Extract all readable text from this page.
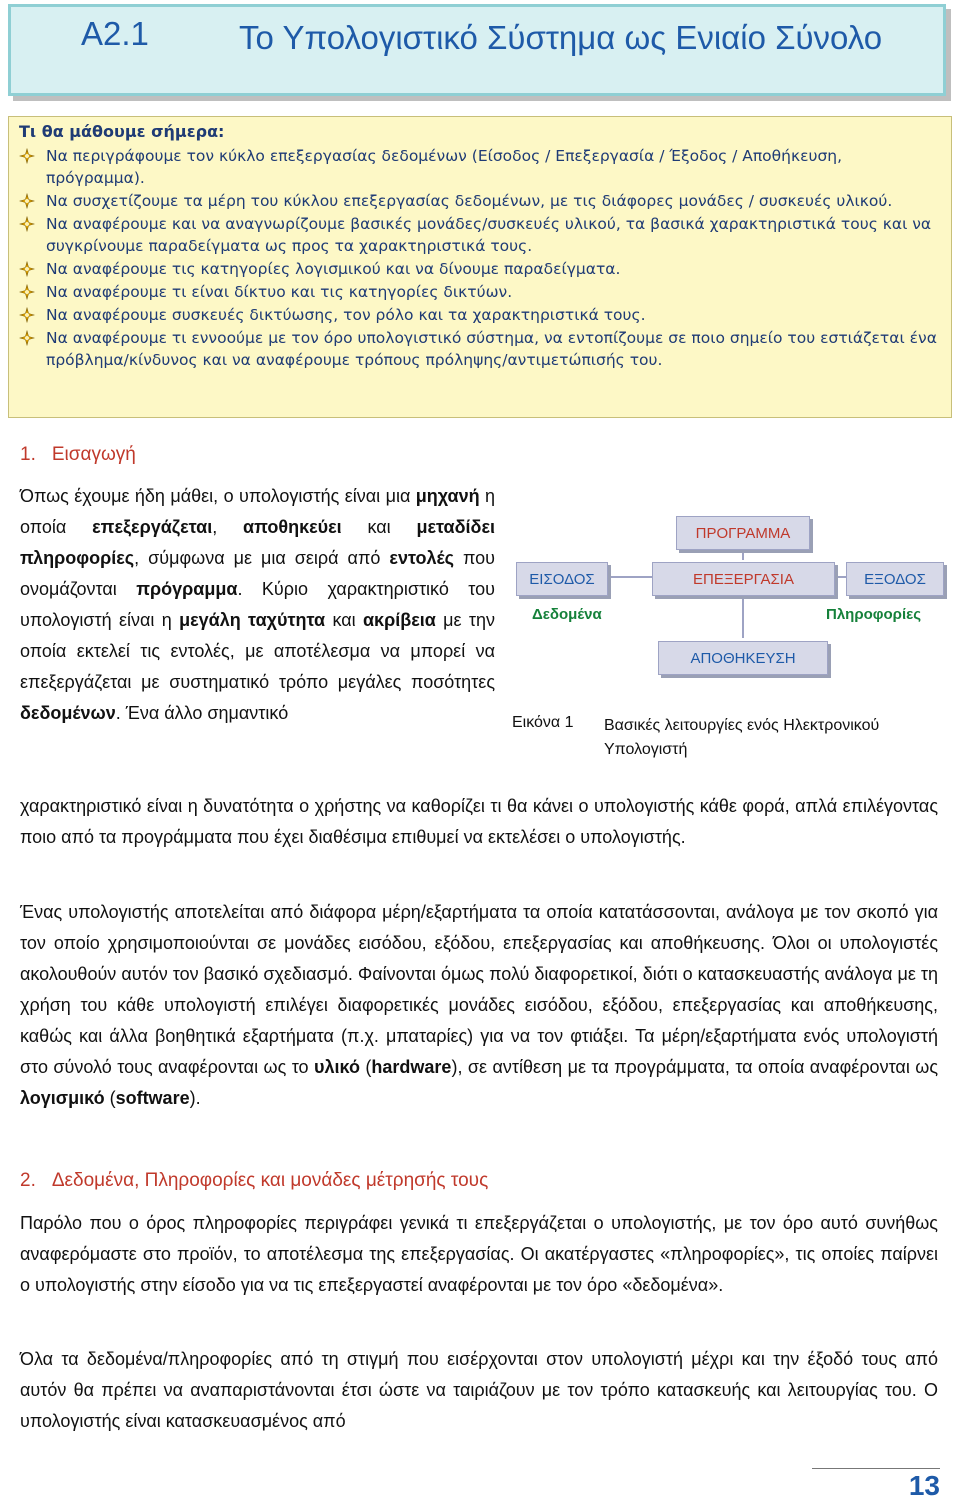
A2.1	Το Υπολογιστικό Σύστημα ως Ενιαίο Σύνολο
Τι θα μάθουμε σήμερα:
Να περιγράφουμε τον κύκλο επεξεργασίας δεδομένων (Είσοδος / Επεξεργασία / Έξοδος / Αποθήκευση, πρόγραμμα).
Να συσχετίζουμε τα μέρη του κύκλου επεξεργασίας δεδομένων, με τις διάφορες μονάδες / συσκευές υλικού.
Να αναφέρουμε και να αναγνωρίζουμε βασικές μονάδες/συσκευές υλικού, τα βασικά χαρακτηριστικά τους και να συγκρίνουμε παραδείγματα ως προς τα χαρακτηριστικά τους.
Να αναφέρουμε τις κατηγορίες λογισμικού και να δίνουμε παραδείγματα.
Να αναφέρουμε τι είναι δίκτυο και τις κατηγορίες δικτύων.
Να αναφέρουμε συσκευές δικτύωσης, τον ρόλο και τα χαρακτηριστικά τους.
Να αναφέρουμε τι εννοούμε με τον όρο υπολογιστικό σύστημα, να εντοπίζουμε σε ποιο σημείο του εστιάζεται ένα πρόβλημα/κίνδυνος και να αναφέρουμε τρόπους πρόληψης/αντιμετώπισής του.
1. Εισαγωγή
Όπως έχουμε ήδη μάθει, ο υπολογιστής είναι μια μηχανή η οποία επεξεργάζεται, αποθηκεύει και μεταδίδει πληροφορίες, σύμφωνα με μια σειρά από εντολές που ονομάζονται πρόγραμμα. Κύριο χαρακτηριστικό του υπολογιστή είναι η μεγάλη ταχύτητα και ακρίβεια με την οποία εκτελεί τις εντολές, με αποτέλεσμα να μπορεί να επεξεργάζεται με συστηματικό τρόπο μεγάλες ποσότητες δεδομένων. Ένα άλλο σημαντικό
χαρακτηριστικό είναι η δυνατότητα ο χρήστης να καθορίζει τι θα κάνει ο υπολογιστής κάθε φορά, απλά επιλέγοντας ποιο από τα προγράμματα που έχει διαθέσιμα επιθυμεί να εκτελέσει ο υπολογιστής.
ΠΡΟΓΡΑΜΜΑ
ΕΙΣΟΔΟΣ	ΕΠΕΞΕΡΓΑΣΙΑ	ΕΞΟΔΟΣ
ΑΠΟΘΗΚΕΥΣΗ
Δεδομένα	Πληροφορίες
Εικόνα 1 Βασικές λειτουργίες ενός Ηλεκτρονικού Υπολογιστή
Ένας υπολογιστής αποτελείται από διάφορα μέρη/εξαρτήματα τα οποία κατατάσσονται, ανάλογα με τον σκοπό για τον οποίο χρησιμοποιούνται σε μονάδες εισόδου, εξόδου, επεξεργασίας και αποθήκευσης. Όλοι οι υπολογιστές ακολουθούν αυτόν τον βασικό σχεδιασμό. Φαίνονται όμως πολύ διαφορετικοί, διότι ο κατασκευαστής ανάλογα με τη χρήση του κάθε υπολογιστή επιλέγει διαφορετικές μονάδες εισόδου, εξόδου, επεξεργασίας και αποθήκευσης, καθώς και άλλα βοηθητικά εξαρτήματα (π.χ. μπαταρίες) για να τον φτιάξει. Τα μέρη/εξαρτήματα ενός υπολογιστή στο σύνολό τους αναφέρονται ως το υλικό (hardware), σε αντίθεση με τα προγράμματα, τα οποία αναφέρονται ως λογισμικό (software).
2. Δεδομένα, Πληροφορίες και μονάδες μέτρησής τους
Παρόλο που ο όρος πληροφορίες περιγράφει γενικά τι επεξεργάζεται ο υπολογιστής, με τον όρο αυτό συνήθως αναφερόμαστε στο προϊόν, το αποτέλεσμα της επεξεργασίας. Οι ακατέργαστες «πληροφορίες», τις οποίες παίρνει ο υπολογιστής στην είσοδο για να τις επεξεργαστεί αναφέρονται με τον όρο «δεδομένα».
Όλα τα δεδομένα/πληροφορίες από τη στιγμή που εισέρχονται στον υπολογιστή μέχρι και την έξοδό τους από αυτόν θα πρέπει να αναπαριστάνονται έτσι ώστε να ταιριάζουν με τον τρόπο κατασκευής και λειτουργίας του. Ο υπολογιστής είναι κατασκευασμένος από
13
